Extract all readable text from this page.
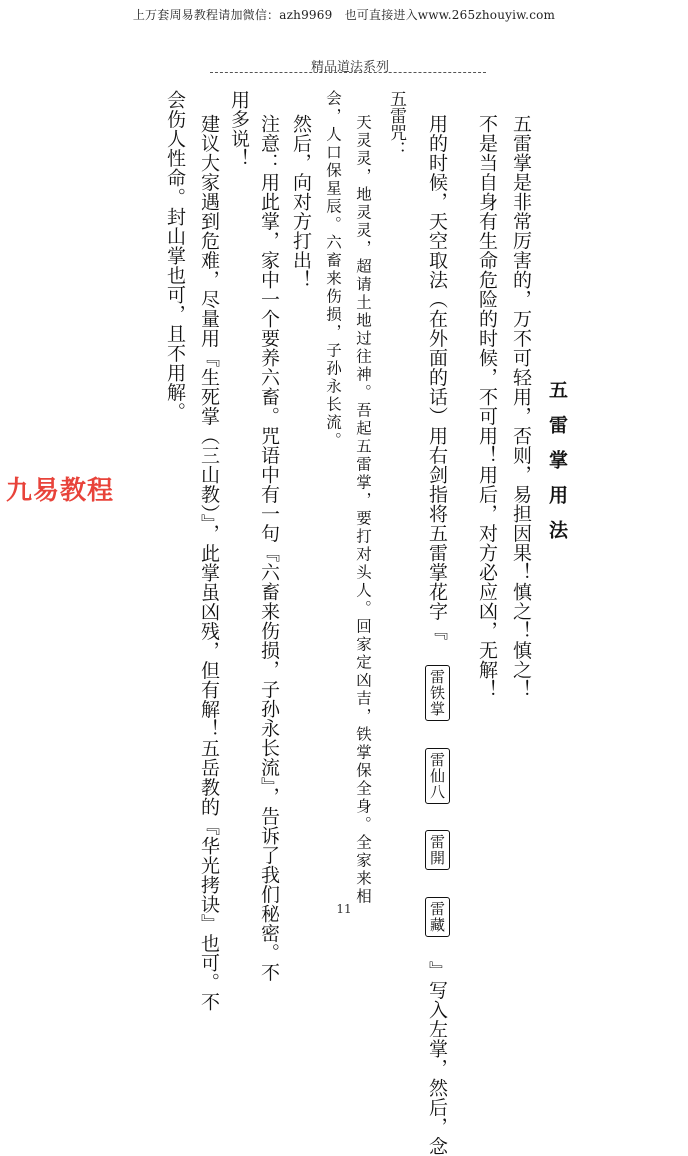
上万套周易教程请加微信：azh9969　也可直接进入www.265zhouyiw.com
精品道法系列
五雷掌用法
五雷掌是非常厉害的，万不可轻用，否则，易担因果！慎之！慎之！
不是当自身有生命危险的时候，不可用！用后，对方必应凶，无解！
用的时候，天空取法（在外面的话）用右剑指将五雷掌花字『 雷铁掌 雷仙八 雷開 雷藏 』写入左掌，然后，念
五雷咒：
天灵灵，地灵灵，超请土地过往神。吾起五雷掌，要打对头人。回家定凶吉，铁掌保全身。全家来相
会，人口保星辰。六畜来伤损，子孙永长流。
然后，向对方打出！
注意：用此掌，家中一个要养六畜。咒语中有一句『六畜来伤损，子孙永长流』，告诉了我们秘密。不
用多说！
建议大家遇到危难，尽量用『生死掌（三山教）』，此掌虽凶残，但有解！五岳教的『华光拷诀』也可。不
会伤人性命。封山掌也可，且不用解。
九易教程
11
